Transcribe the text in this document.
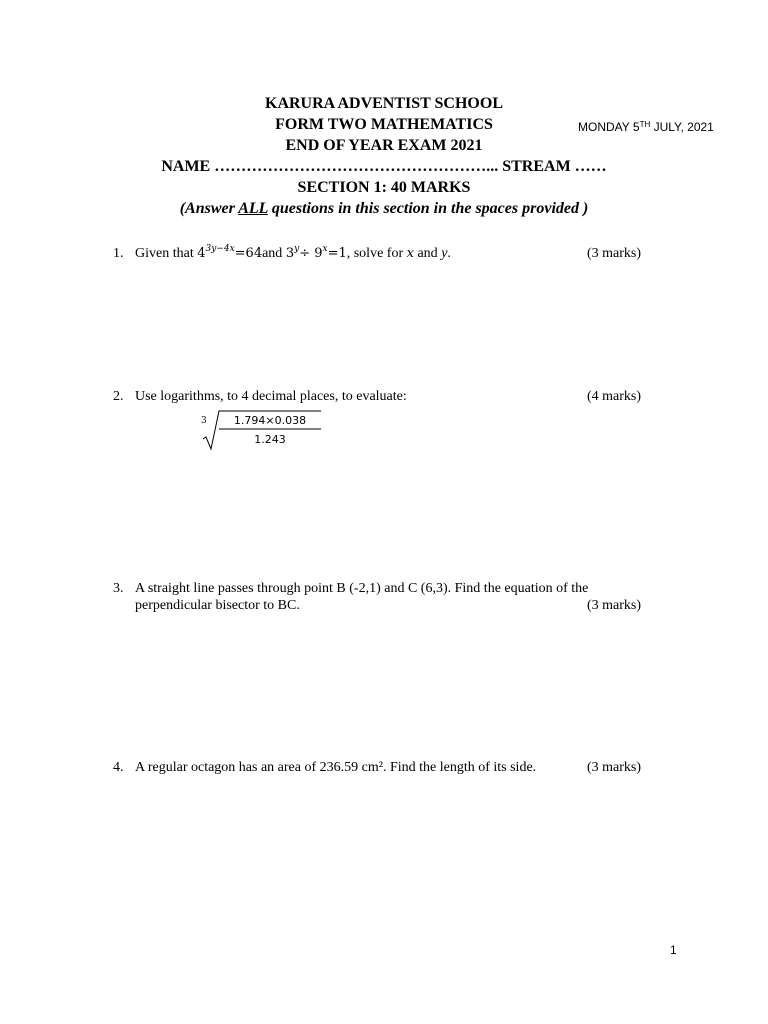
KARURA ADVENTIST SCHOOL
FORM TWO MATHEMATICS
END OF YEAR EXAM 2021
NAME ……………………………………………... STREAM ……
SECTION 1: 40 MARKS
(Answer ALL questions in this section in the spaces provided )
MONDAY 5TH JULY, 2021
1. Given that $4^{3y-4x}=64and$ $3^y\div 9^x=1$, solve for x and y.	(3 marks)
2. Use logarithms, to 4 decimal places, to evaluate:	(4 marks)
3 1.794×0.038
1.243
3. A straight line passes through point B (-2,1) and C (6,3). Find the equation of the
perpendicular bisector to BC.	(3 marks)
4. A regular octagon has an area of 236.59 cm². Find the length of its side.	(3 marks)
1
